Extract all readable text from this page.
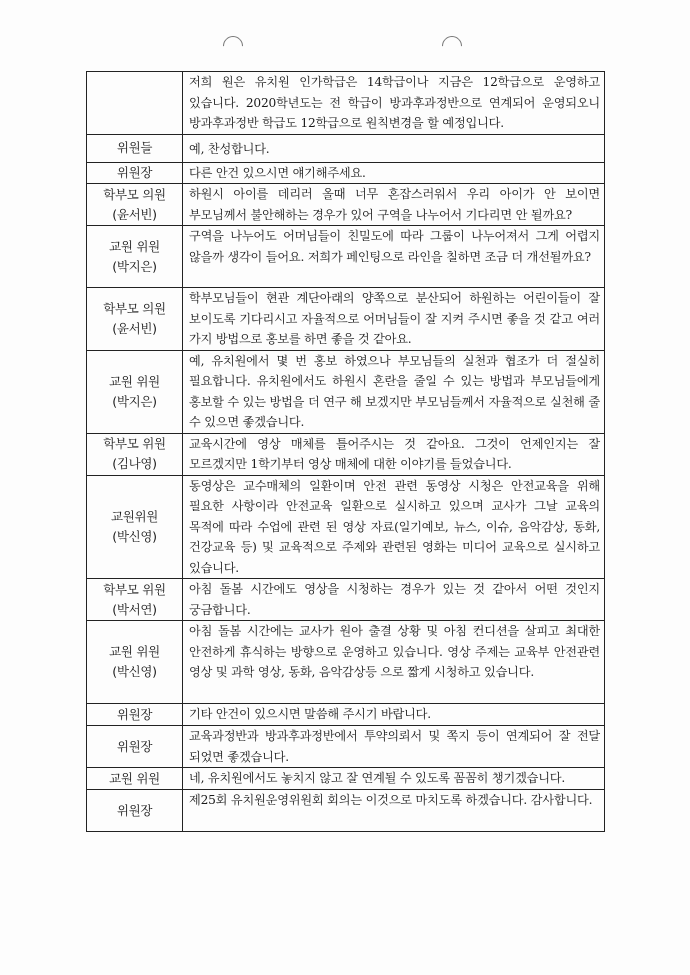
	저희 원은 유치원 인가학급은 14학급이나 지금은 12학급으로 운영하고 있습니다. 2020학년도는 전 학급이 방과후과정반으로 연계되어 운영되오니 방과후과정반 학급도 12학급으로 원칙변경을 할 예정입니다.

위원들	예, 찬성합니다.

위원장	다른 안건 있으시면 얘기해주세요.

학부모 의원
(윤서빈)	하원시 아이를 데리러 올때 너무 혼잡스러워서 우리 아이가 안 보이면 부모님께서 불안해하는 경우가 있어 구역을 나누어서 기다리면 안 될까요?

교원 위원
(박지은)	구역을 나누어도 어머님들이 친밀도에 따라 그룹이 나누어져서 그게 어렵지 않을까 생각이 들어요. 저희가 페인팅으로 라인을 칠하면 조금 더 개선될까요?

학부모 의원
(윤서빈)	학부모님들이 현관 계단아래의 양쪽으로 분산되어 하원하는 어린이들이 잘 보이도록 기다리시고 자율적으로 어머님들이 잘 지켜 주시면 좋을 것 같고 여러 가지 방법으로 홍보를 하면 좋을 것 같아요.

교원 위원
(박지은)	예, 유치원에서 몇 번 홍보 하였으나 부모님들의 실천과 협조가 더 절실히 필요합니다. 유치원에서도 하원시 혼란을 줄일 수 있는 방법과 부모님들에게 홍보할 수 있는 방법을 더 연구 해 보겠지만 부모님들께서 자율적으로 실천해 줄 수 있으면 좋겠습니다.

학부모 위원
(김나영)	교육시간에 영상 매체를 틀어주시는 것 같아요. 그것이 언제인지는 잘 모르겠지만 1학기부터 영상 매체에 대한 이야기를 들었습니다.

교원위원
(박신영)	동영상은 교수매체의 일환이며 안전 관련 동영상 시청은 안전교육을 위해 필요한 사항이라 안전교육 일환으로 실시하고 있으며 교사가 그날 교육의 목적에 따라 수업에 관련 된 영상 자료(일기예보, 뉴스, 이슈, 음악감상, 동화,건강교육 등) 및 교육적으로 주제와 관련된 영화는 미디어 교육으로 실시하고 있습니다.

학부모 위원
(박서연)	아침 돌봄 시간에도 영상을 시청하는 경우가 있는 것 같아서 어떤 것인지 궁금합니다.

교원 위원
(박신영)	아침 돌봄 시간에는 교사가 원아 출결 상황 및 아침 컨디션을 살피고 최대한 안전하게 휴식하는 방향으로 운영하고 있습니다. 영상 주제는 교육부 안전관련 영상 및 과학 영상, 동화, 음악감상등 으로 짧게 시청하고 있습니다.

위원장	기타 안건이 있으시면 말씀해 주시기 바랍니다.

위원장	교육과정반과 방과후과정반에서 투약의뢰서 및 쪽지 등이 연계되어 잘 전달 되었면 좋겠습니다.

교원 위원	네, 유치원에서도 놓치지 않고 잘 연계될 수 있도록 꼼꼼히 챙기겠습니다.

위원장	제25회 유치원운영위원회 회의는 이것으로 마치도록 하겠습니다. 감사합니다.
